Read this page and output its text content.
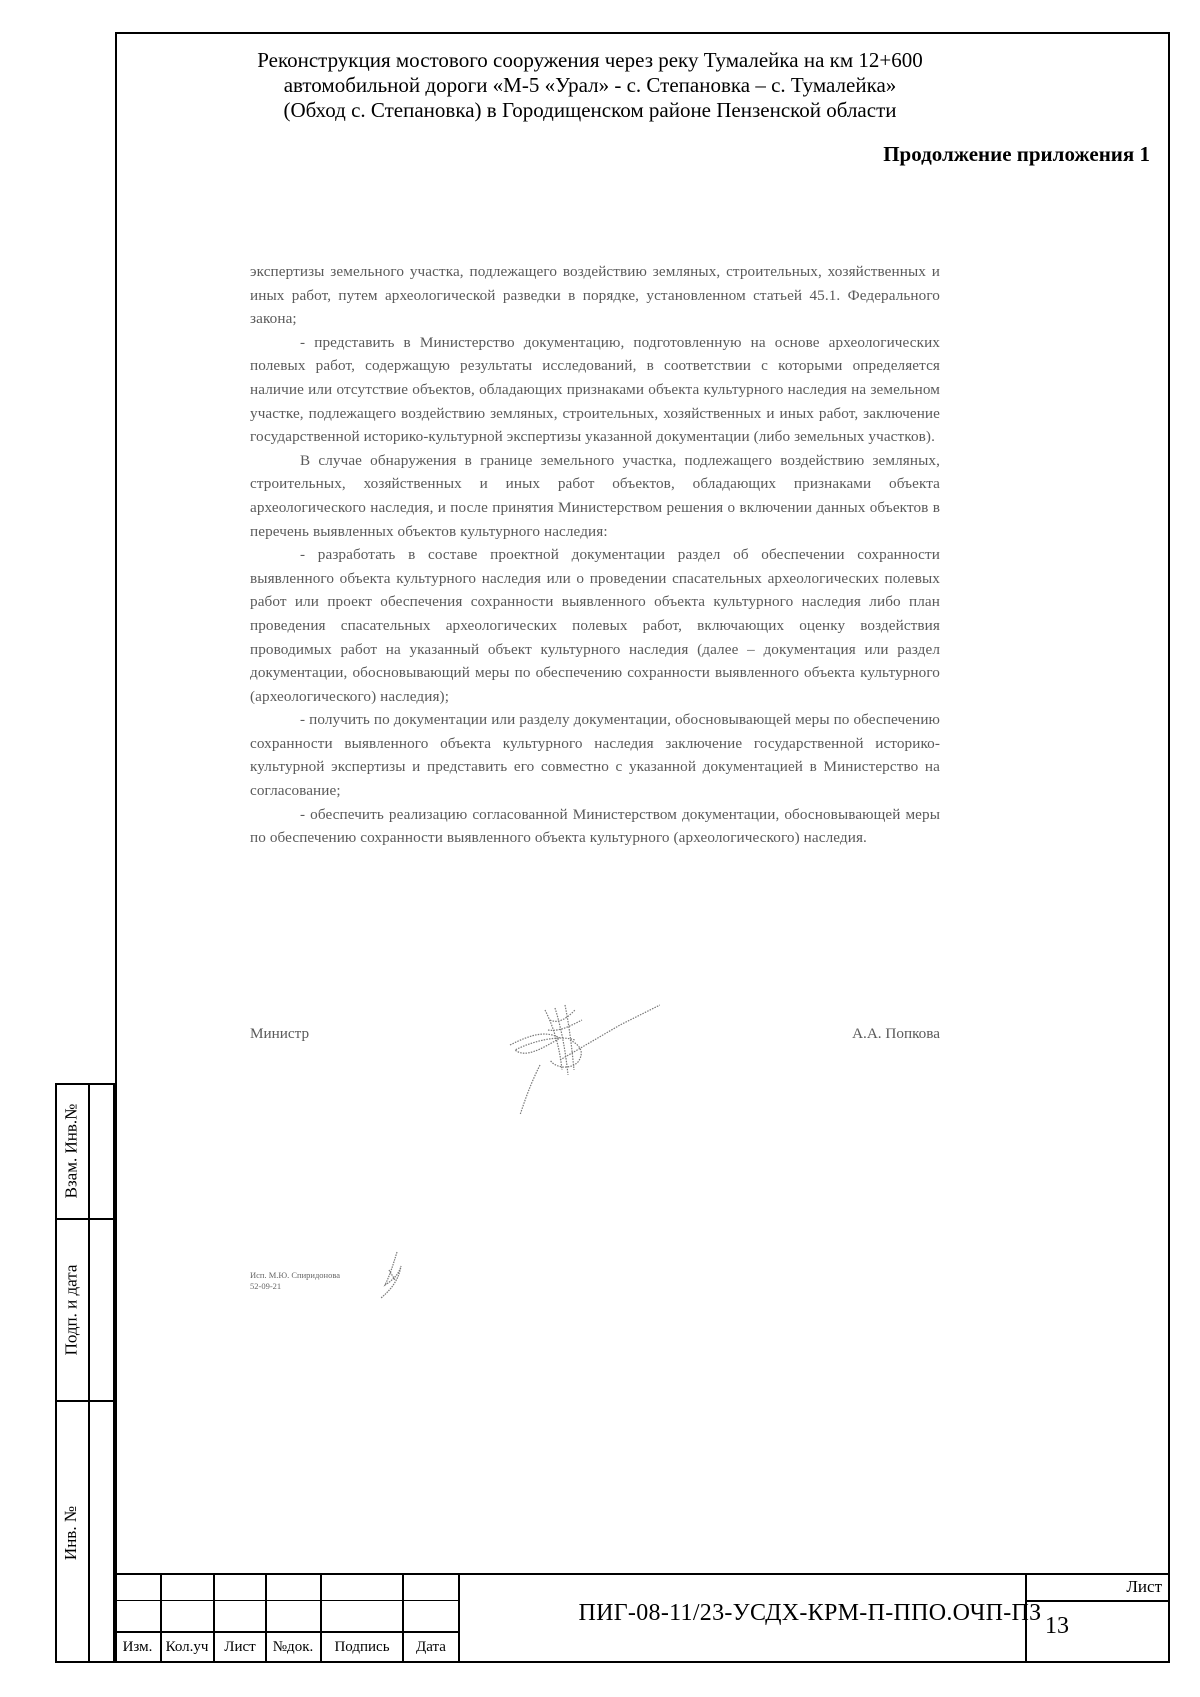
Взам. Инв.№
Подп. и дата
Инв. №
Реконструкция мостового сооружения через реку Тумалейка на км 12+600
автомобильной дороги «М-5 «Урал» - с. Степановка – с. Тумалейка»
(Обход с. Степановка) в Городищенском районе Пензенской области
Продолжение приложения 1

экспертизы земельного участка, подлежащего воздействию земляных, строительных, хозяйственных и иных работ, путем археологической разведки в порядке, установленном статьей 45.1. Федерального закона;

- представить в Министерство документацию, подготовленную на основе археологических полевых работ, содержащую результаты исследований, в соответствии с которыми определяется наличие или отсутствие объектов, обладающих признаками объекта культурного наследия на земельном участке, подлежащего воздействию земляных, строительных, хозяйственных и иных работ, заключение государственной историко-культурной экспертизы указанной документации (либо земельных участков).

В случае обнаружения в границе земельного участка, подлежащего воздействию земляных, строительных, хозяйственных и иных работ объектов, обладающих признаками объекта археологического наследия, и после принятия Министерством решения о включении данных объектов в перечень выявленных объектов культурного наследия:

- разработать в составе проектной документации раздел об обеспечении сохранности выявленного объекта культурного наследия или о проведении спасательных археологических полевых работ или проект обеспечения сохранности выявленного объекта культурного наследия либо план проведения спасательных археологических полевых работ, включающих оценку воздействия проводимых работ на указанный объект культурного наследия (далее – документация или раздел документации, обосновывающий меры по обеспечению сохранности выявленного объекта культурного (археологического) наследия);

- получить по документации или разделу документации, обосновывающей меры по обеспечению сохранности выявленного объекта культурного наследия заключение государственной историко-культурной экспертизы и представить его совместно с указанной документацией в Министерство на согласование;

- обеспечить реализацию согласованной Министерством документации, обосновывающей меры по обеспечению сохранности выявленного объекта культурного (археологического) наследия.

Министр	А.А. Попкова
Исп. М.Ю. Спиридонова
52-09-21
Изм. Кол.уч	Лист	№док.	Подпись	Дата
Лист
13
ПИГ-08-11/23-УСДХ-КРМ-П-ППО.ОЧП-ПЗ
